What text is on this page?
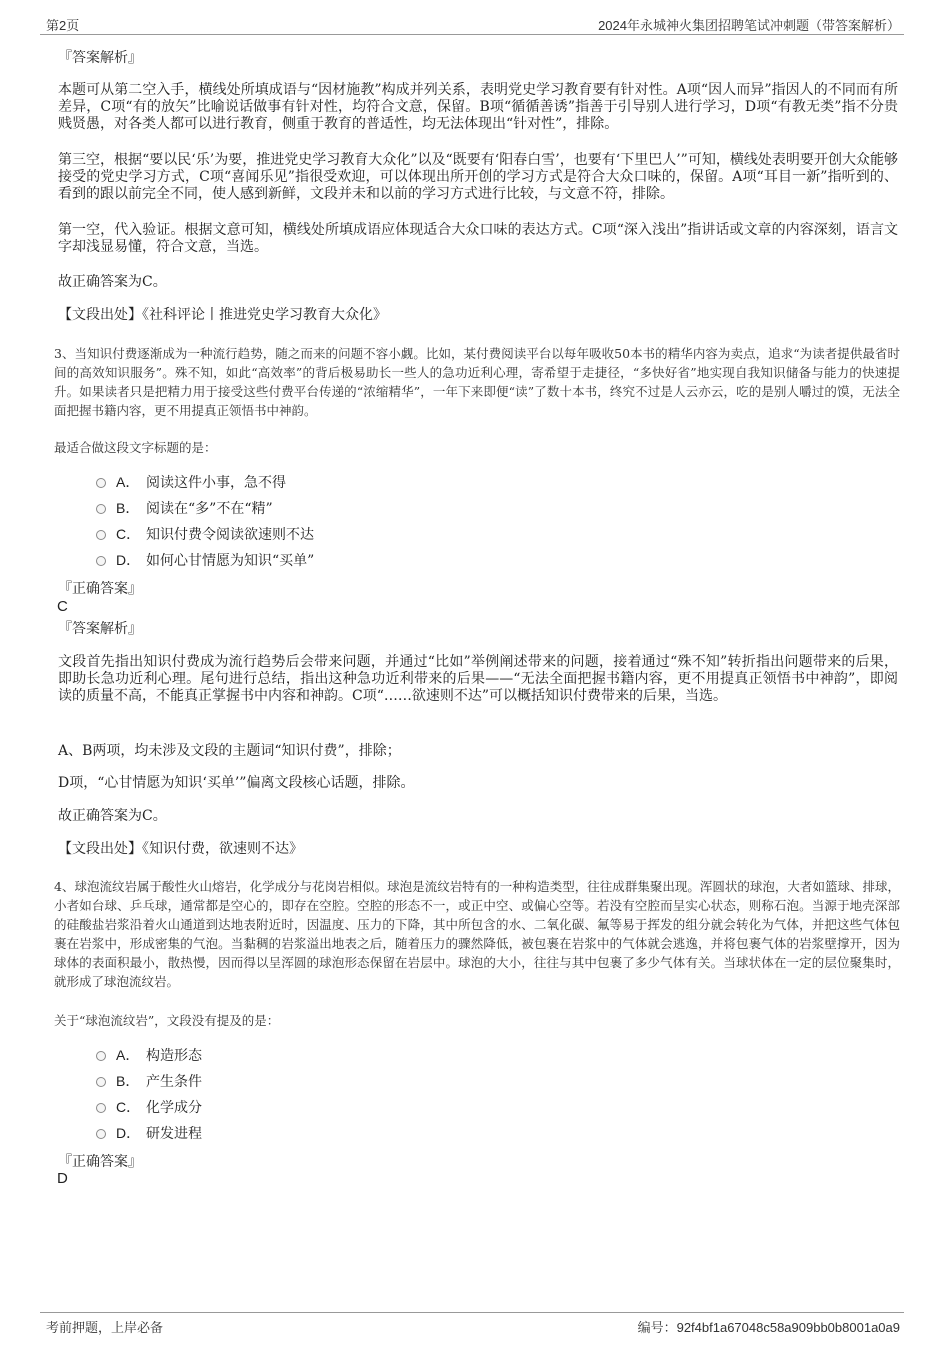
第2页	2024年永城神火集团招聘笔试冲刺题（带答案解析）
『答案解析』
本题可从第二空入手，横线处所填成语与“因材施教”构成并列关系，表明党史学习教育要有针对性。A项“因人而异”指因人的不同而有所差异，C项“有的放矢”比喻说话做事有针对性，均符合文意，保留。B项“循循善诱”指善于引导别人进行学习，D项“有教无类”指不分贵贱贤愚，对各类人都可以进行教育，侧重于教育的普适性，均无法体现出“针对性”，排除。
第三空，根据“要以民‘乐’为要，推进党史学习教育大众化”以及“既要有‘阳春白雪’，也要有‘下里巴人’”可知，横线处表明要开创大众能够接受的党史学习方式，C项“喜闻乐见”指很受欢迎，可以体现出所开创的学习方式是符合大众口味的，保留。A项“耳目一新”指听到的、看到的跟以前完全不同，使人感到新鲜，文段并未和以前的学习方式进行比较，与文意不符，排除。
第一空，代入验证。根据文意可知，横线处所填成语应体现适合大众口味的表达方式。C项“深入浅出”指讲话或文章的内容深刻，语言文字却浅显易懂，符合文意，当选。
故正确答案为C。
【文段出处】《社科评论丨推进党史学习教育大众化》
3、当知识付费逐渐成为一种流行趋势，随之而来的问题不容小觑。比如，某付费阅读平台以每年吸收50本书的精华内容为卖点，追求“为读者提供最省时间的高效知识服务”。殊不知，如此“高效率”的背后极易助长一些人的急功近利心理，寄希望于走捷径，“多快好省”地实现自我知识储备与能力的快速提升。如果读者只是把精力用于接受这些付费平台传递的“浓缩精华”，一年下来即便“读”了数十本书，终究不过是人云亦云，吃的是别人嚼过的馍，无法全面把握书籍内容，更不用提真正领悟书中神韵。
最适合做这段文字标题的是：
A． 阅读这件小事，急不得
B． 阅读在“多”不在“精”
C． 知识付费令阅读欲速则不达
D． 如何心甘情愿为知识“买单”
『正确答案』
C
『答案解析』
文段首先指出知识付费成为流行趋势后会带来问题，并通过“比如”举例阐述带来的问题，接着通过“殊不知”转折指出问题带来的后果，即助长急功近利心理。尾句进行总结，指出这种急功近利带来的后果——“无法全面把握书籍内容，更不用提真正领悟书中神韵”，即阅读的质量不高，不能真正掌握书中内容和神韵。C项“……欲速则不达”可以概括知识付费带来的后果，当选。
A、B两项，均未涉及文段的主题词“知识付费”，排除；
D项，“心甘情愿为知识‘买单’”偏离文段核心话题，排除。
故正确答案为C。
【文段出处】《知识付费，欲速则不达》
4、球泡流纹岩属于酸性火山熔岩，化学成分与花岗岩相似。球泡是流纹岩特有的一种构造类型，往往成群集聚出现。浑圆状的球泡，大者如篮球、排球，小者如台球、乒乓球，通常都是空心的，即存在空腔。空腔的形态不一，或正中空、或偏心空等。若没有空腔而呈实心状态，则称石泡。当源于地壳深部的硅酸盐岩浆沿着火山通道到达地表附近时，因温度、压力的下降，其中所包含的水、二氧化碳、氟等易于挥发的组分就会转化为气体，并把这些气体包裹在岩浆中，形成密集的气泡。当黏稠的岩浆溢出地表之后，随着压力的骤然降低，被包裹在岩浆中的气体就会逃逸，并将包裹气体的岩浆壁撑开，因为球体的表面积最小，散热慢，因而得以呈浑圆的球泡形态保留在岩层中。球泡的大小，往往与其中包裹了多少气体有关。当球状体在一定的层位聚集时，就形成了球泡流纹岩。
关于“球泡流纹岩”，文段没有提及的是：
A． 构造形态
B． 产生条件
C． 化学成分
D． 研发进程
『正确答案』
D
考前押题，上岸必备	编号：92f4bf1a67048c58a909bb0b8001a0a9
